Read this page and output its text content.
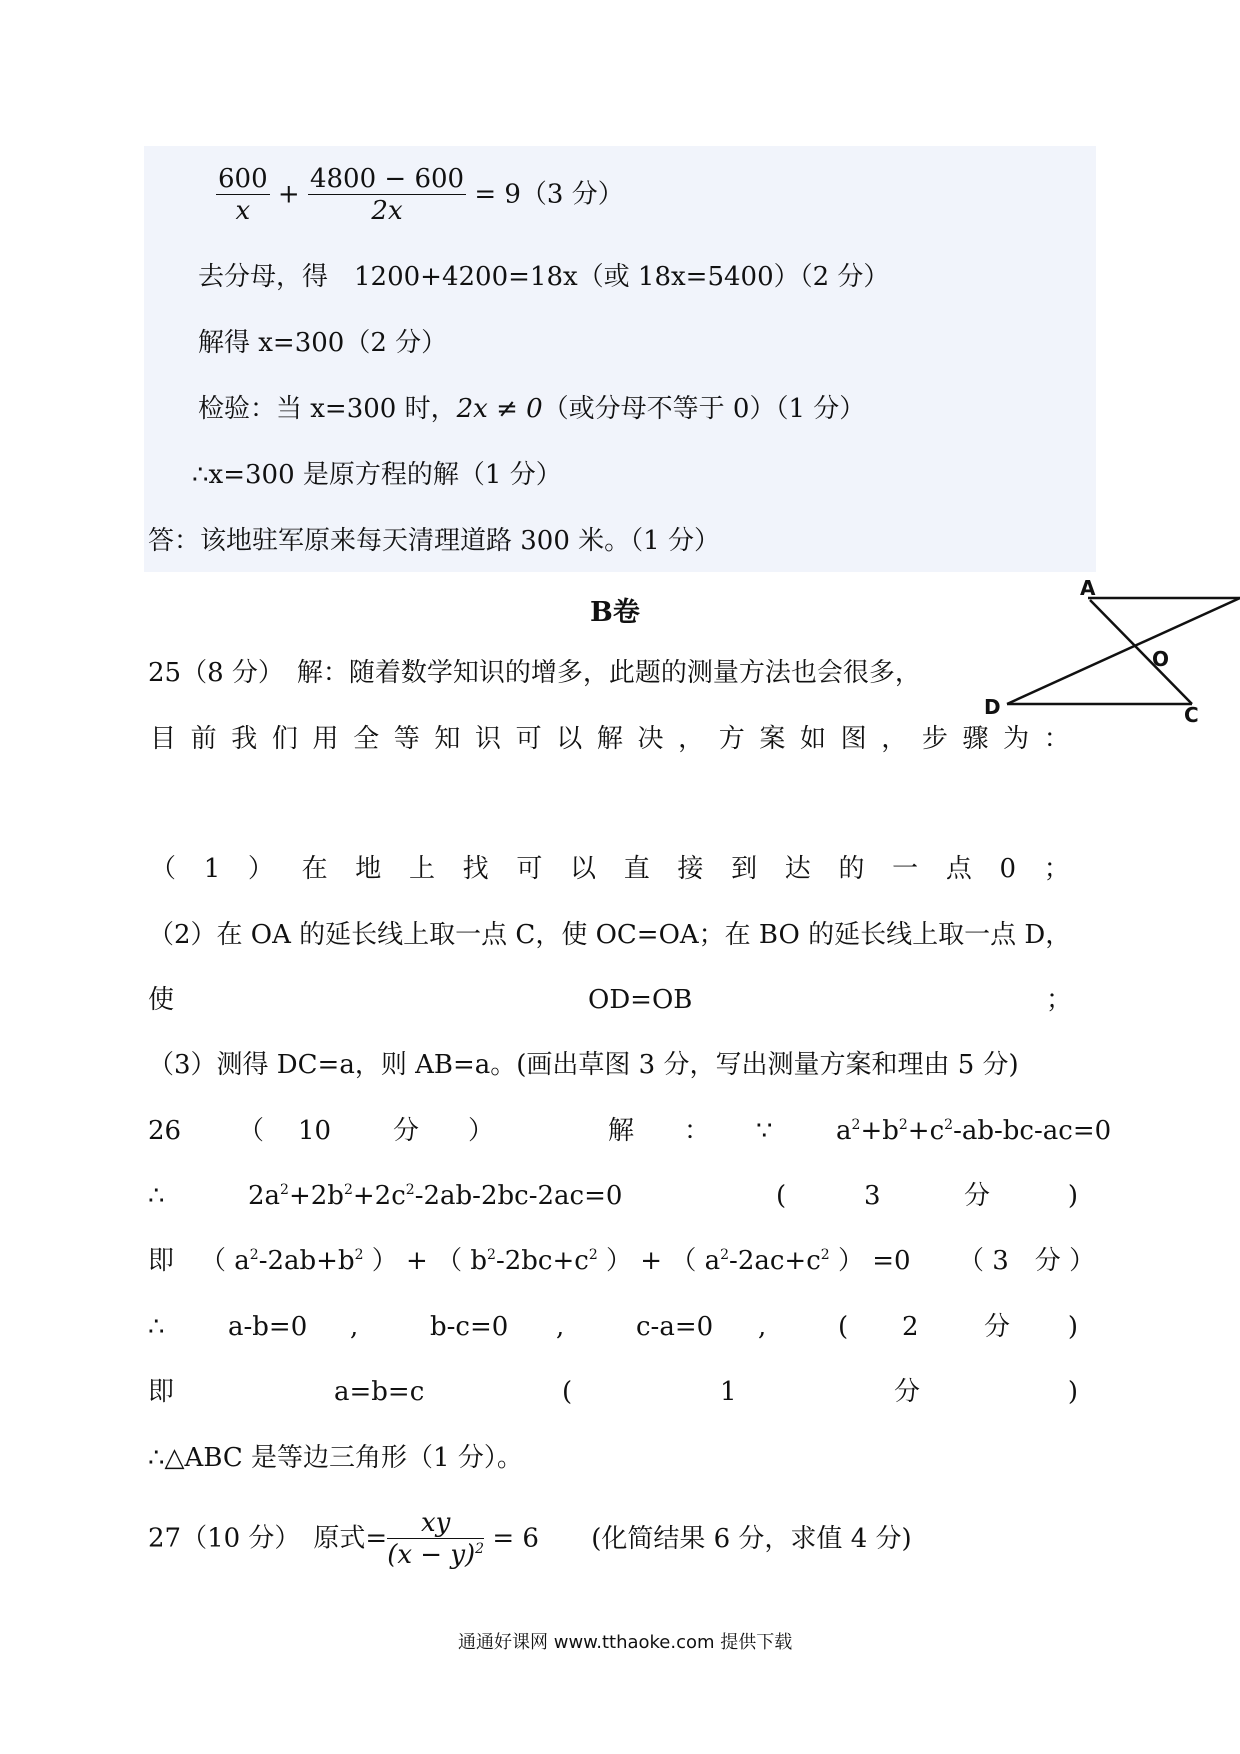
$\frac{600}{x} + \frac{4800 - 600}{2x} = 9(3$ 分）
去分母，得　1200+4200=18x（或 18x=5400）（2 分）
解得 x=300（2 分）
检验：当 x=300 时，2x ≠ 0（或分母不等于 0）（1 分）
∴x=300 是原方程的解（1 分）
答：该地驻军原来每天清理道路 300 米。（1 分）
B卷
A
O
D	C
25（8 分）　解：随着数学知识的增多，此题的测量方法也会很多，
目 前 我 们 用 全 等 知 识 可 以 解 决 ， 方 案 如 图 ， 步 骤 为 ：
（ 1 ） 在 地 上 找 可 以 直 接 到 达 的 一 点 0 ；
（2）在 OA 的延长线上取一点 C，使 OC=OA；在 BO 的延长线上取一点 D，
使	OD=OB	；
（3）测得 DC=a，则 AB=a。(画出草图 3 分，写出测量方案和理由 5 分)
26 （ 10 分 ）	解 ： ∵ $a^2+b^2+c^2-ab-bc-ac=0$
∴	$2a^2+2b^2+2c^2-2ab-2bc-2ac=0$	(	3	分	)
即 （ $a^2-2ab+b^2$ ） + （ $b^2-2bc+c^2$ ） + （ $a^2-2ac+c^2$ ） =0 （ 3　分 ）
∴ a-b=0 ,	b-c=0 ,	c-a=0 ,	( 2	分 )
即	a=b=c	(	1	分	)
∴△ABC 是等边三角形（1 分）。
27（10 分）　原式= $\frac{xy}{(x - y)^2} = 6$ (化简结果 6 分，求值 4 分)
通通好课网 www.tthaoke.com 提供下载
